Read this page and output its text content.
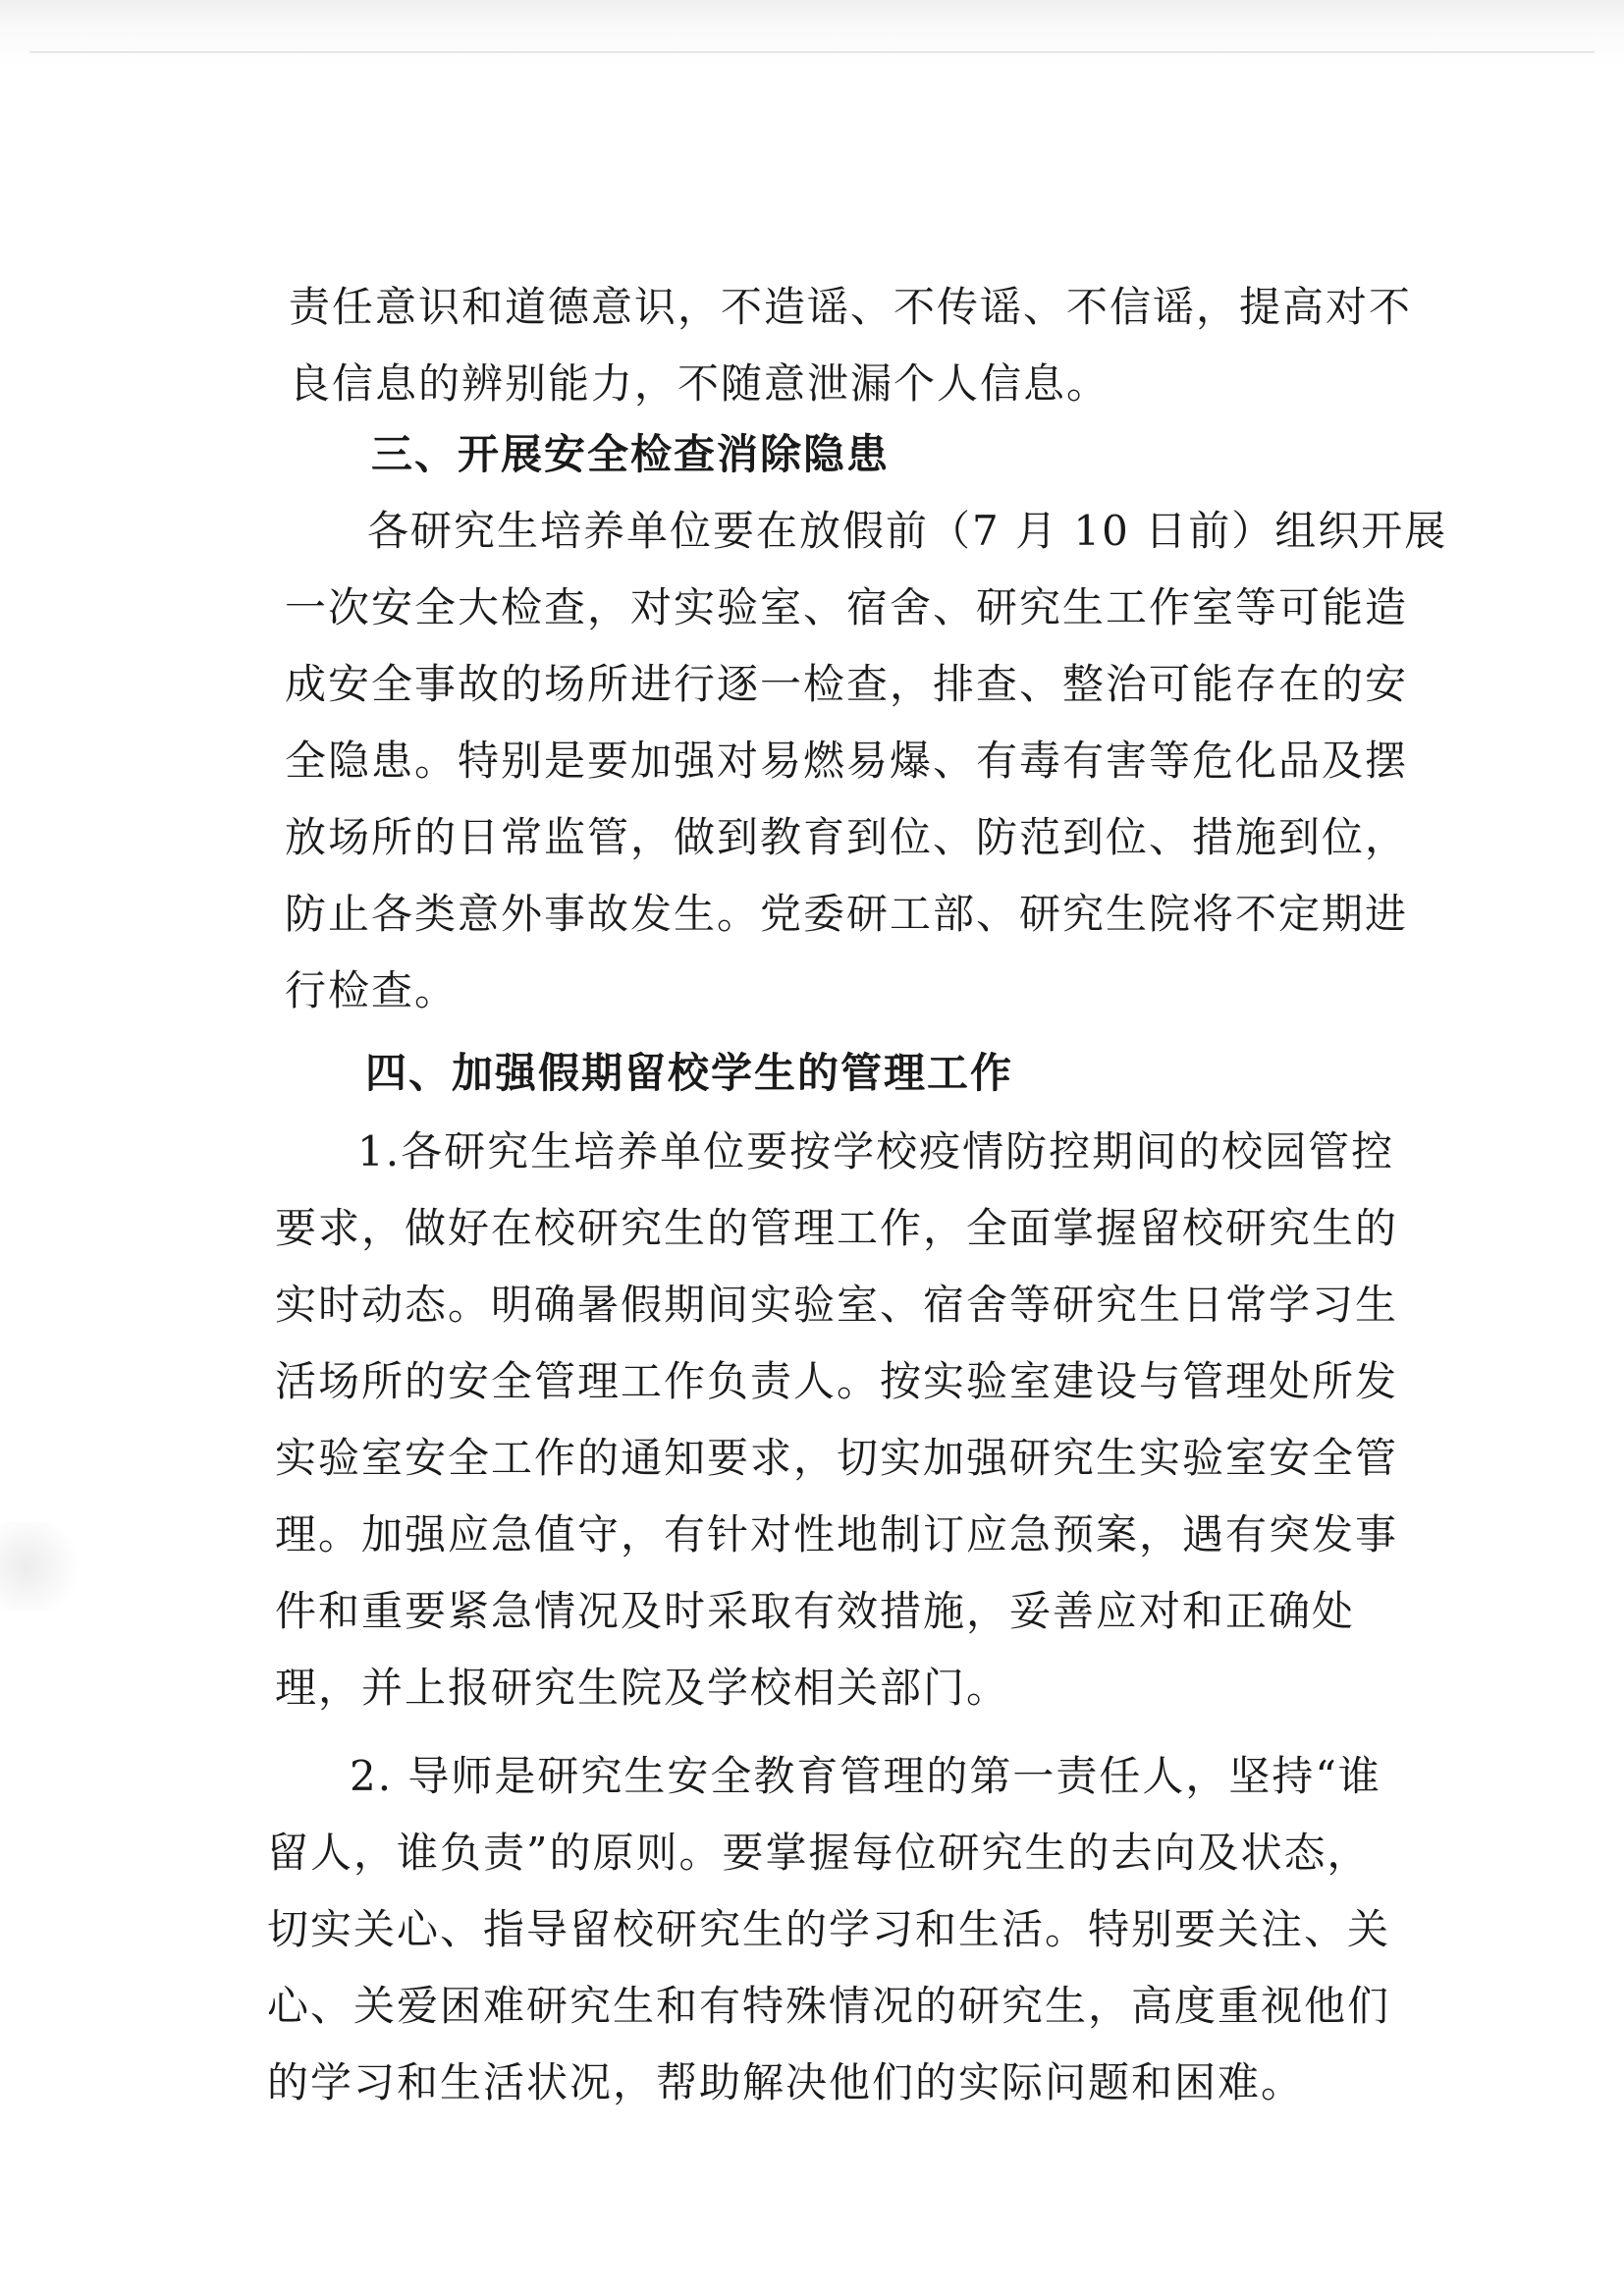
责任意识和道德意识，不造谣、不传谣、不信谣，提高对不
良信息的辨别能力，不随意泄漏个人信息。
三、开展安全检查消除隐患
各研究生培养单位要在放假前（7 月 10 日前）组织开展
一次安全大检查，对实验室、宿舍、研究生工作室等可能造
成安全事故的场所进行逐一检查，排查、整治可能存在的安
全隐患。特别是要加强对易燃易爆、有毒有害等危化品及摆
放场所的日常监管，做到教育到位、防范到位、措施到位，
防止各类意外事故发生。党委研工部、研究生院将不定期进
行检查。
四、加强假期留校学生的管理工作
1.各研究生培养单位要按学校疫情防控期间的校园管控
要求，做好在校研究生的管理工作，全面掌握留校研究生的
实时动态。明确暑假期间实验室、宿舍等研究生日常学习生
活场所的安全管理工作负责人。按实验室建设与管理处所发
实验室安全工作的通知要求，切实加强研究生实验室安全管
理。加强应急值守，有针对性地制订应急预案，遇有突发事
件和重要紧急情况及时采取有效措施，妥善应对和正确处
理，并上报研究生院及学校相关部门。
2. 导师是研究生安全教育管理的第一责任人，坚持“谁
留人，谁负责”的原则。要掌握每位研究生的去向及状态，
切实关心、指导留校研究生的学习和生活。特别要关注、关
心、关爱困难研究生和有特殊情况的研究生，高度重视他们
的学习和生活状况，帮助解决他们的实际问题和困难。
